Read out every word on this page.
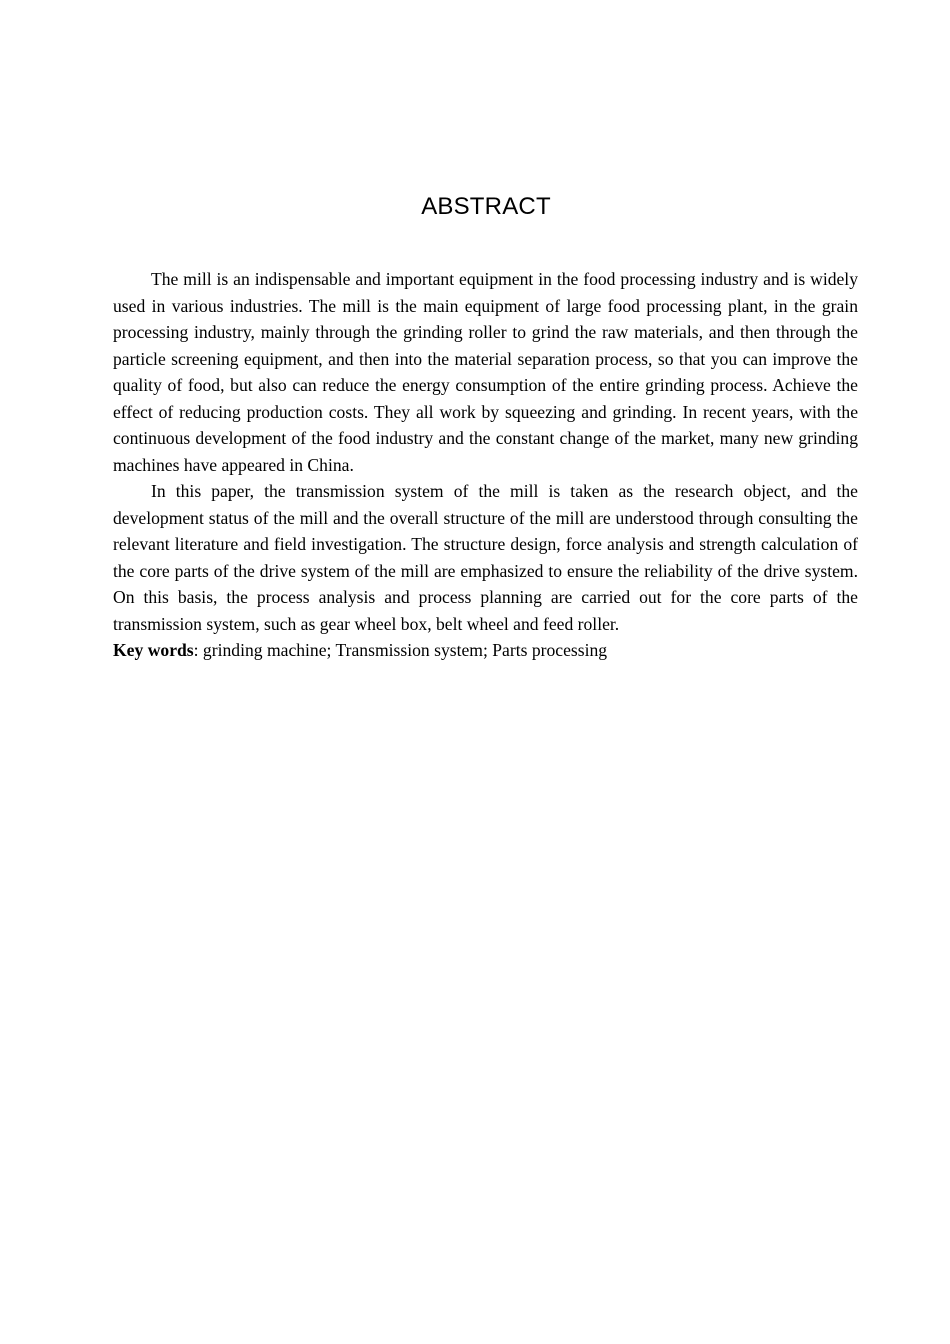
ABSTRACT

The mill is an indispensable and important equipment in the food processing industry and is widely used in various industries. The mill is the main equipment of large food processing plant, in the grain processing industry, mainly through the grinding roller to grind the raw materials, and then through the particle screening equipment, and then into the material separation process, so that you can improve the quality of food, but also can reduce the energy consumption of the entire grinding process. Achieve the effect of reducing production costs. They all work by squeezing and grinding. In recent years, with the continuous development of the food industry and the constant change of the market, many new grinding machines have appeared in China.

In this paper, the transmission system of the mill is taken as the research object, and the development status of the mill and the overall structure of the mill are understood through consulting the relevant literature and field investigation. The structure design, force analysis and strength calculation of the core parts of the drive system of the mill are emphasized to ensure the reliability of the drive system. On this basis, the process analysis and process planning are carried out for the core parts of the transmission system, such as gear wheel box, belt wheel and feed roller.

Key words: grinding machine; Transmission system; Parts processing
